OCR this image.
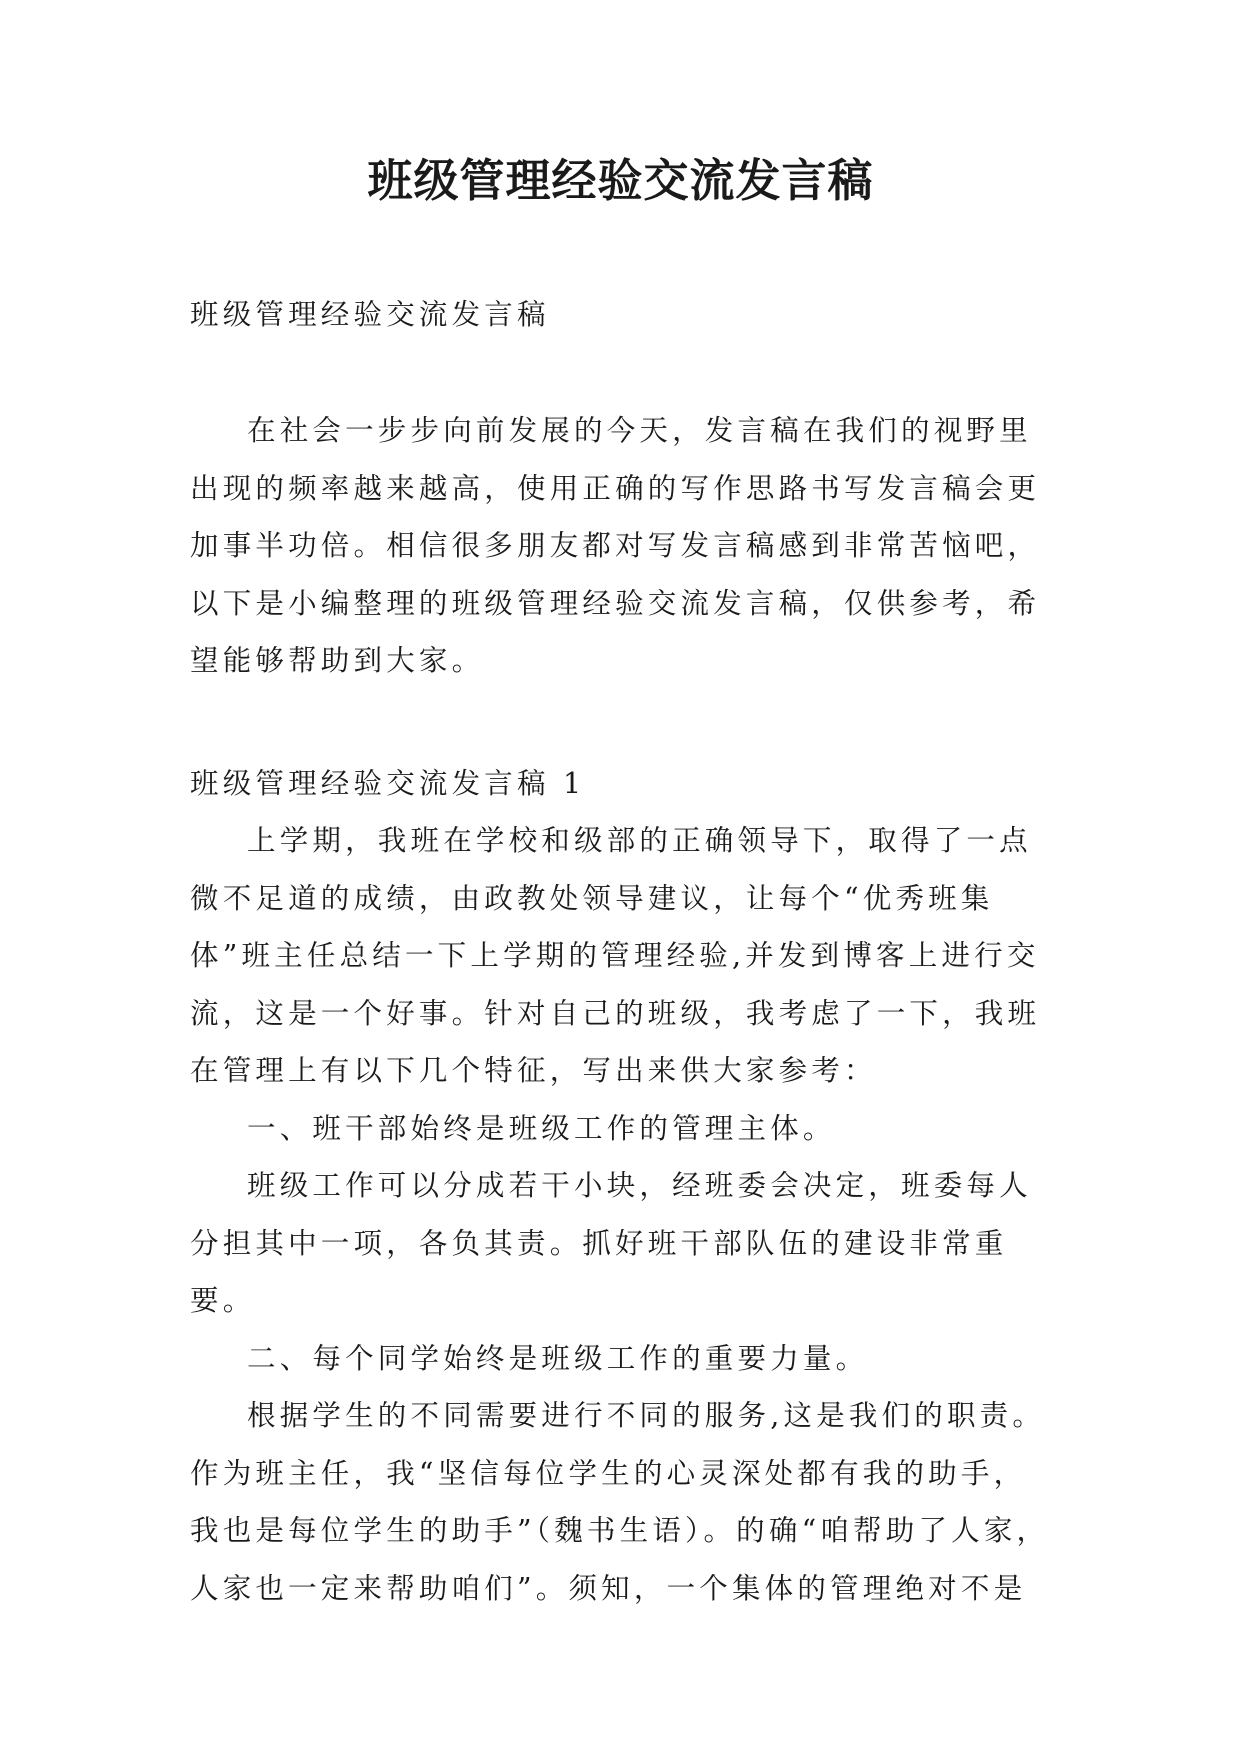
班级管理经验交流发言稿

班级管理经验交流发言稿

在社会一步步向前发展的今天，发言稿在我们的视野里出现的频率越来越高，使用正确的写作思路书写发言稿会更加事半功倍。相信很多朋友都对写发言稿感到非常苦恼吧，以下是小编整理的班级管理经验交流发言稿，仅供参考，希望能够帮助到大家。

班级管理经验交流发言稿 1

上学期，我班在学校和级部的正确领导下，取得了一点微不足道的成绩，由政教处领导建议，让每个“优秀班集体”班主任总结一下上学期的管理经验,并发到博客上进行交流，这是一个好事。针对自己的班级，我考虑了一下，我班在管理上有以下几个特征，写出来供大家参考：

一、班干部始终是班级工作的管理主体。

班级工作可以分成若干小块，经班委会决定，班委每人分担其中一项，各负其责。抓好班干部队伍的建设非常重要。

二、每个同学始终是班级工作的重要力量。

根据学生的不同需要进行不同的服务,这是我们的职责。作为班主任，我“坚信每位学生的心灵深处都有我的助手，我也是每位学生的助手”（魏书生语）。的确“咱帮助了人家，人家也一定来帮助咱们”。须知，一个集体的管理绝对不是
